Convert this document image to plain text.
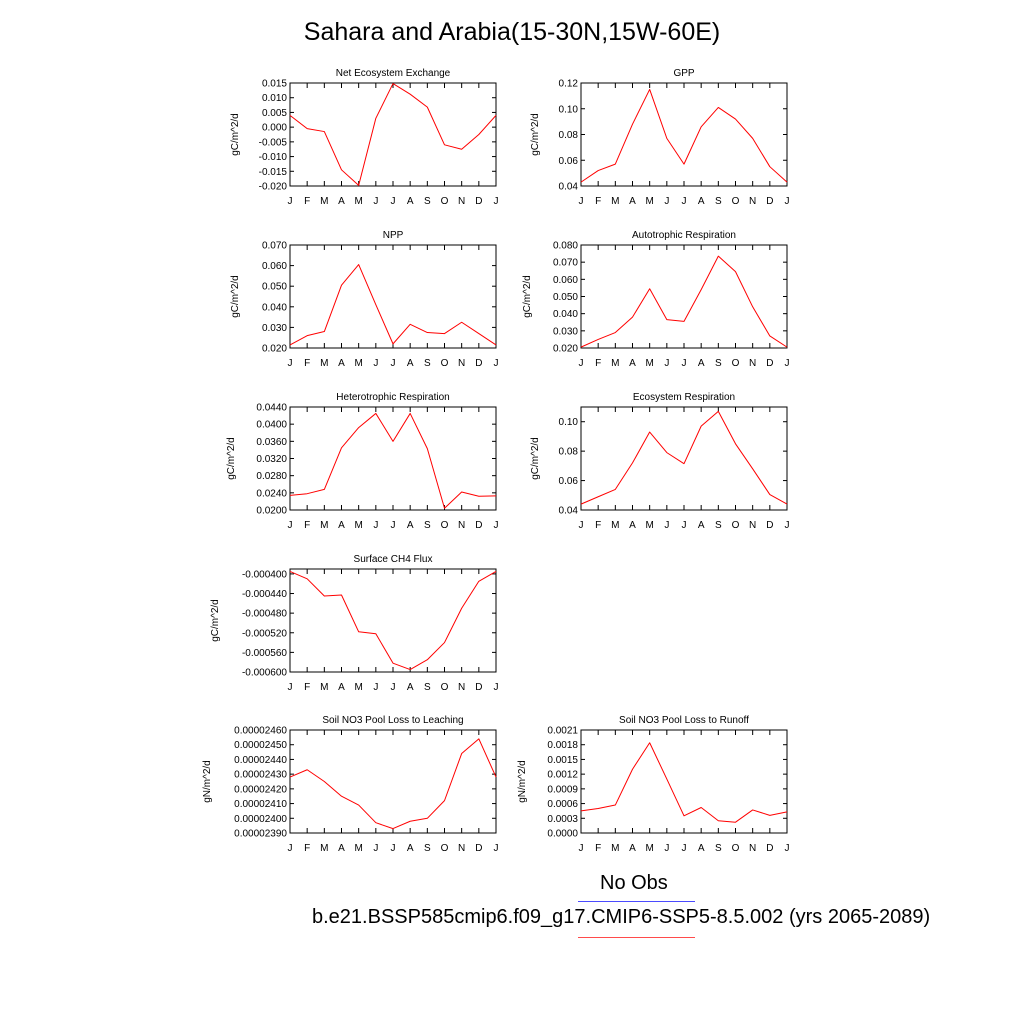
Sahara and Arabia(15-30N,15W-60E)
Net Ecosystem Exchange
-0.020
-0.015
-0.010
-0.005
0.000
0.005
0.010
0.015
J F M A M J J A S O N D J
gC/m^2/d
GPP
0.04
0.06
0.08
0.10
0.12
J F M A M J J A S O N D J
gC/m^2/d
NPP
0.020
0.030
0.040
0.050
0.060
0.070
J F M A M J J A S O N D J
gC/m^2/d
Autotrophic Respiration
0.020
0.030
0.040
0.050
0.060
0.070
0.080
J F M A M J J A S O N D J
gC/m^2/d
Heterotrophic Respiration
0.0200
0.0240
0.0280
0.0320
0.0360
0.0400
0.0440
J F M A M J J A S O N D J
gC/m^2/d
Ecosystem Respiration
0.04
0.06
0.08
0.10
J F M A M J J A S O N D J
gC/m^2/d
Surface CH4 Flux
-0.000600
-0.000560
-0.000520
-0.000480
-0.000440
-0.000400
J F M A M J J A S O N D J
gC/m^2/d
Soil NO3 Pool Loss to Leaching
0.00002390
0.00002400
0.00002410
0.00002420
0.00002430
0.00002440
0.00002450
0.00002460
J F M A M J J A S O N D J
gN/m^2/d
Soil NO3 Pool Loss to Runoff
0.0000
0.0003
0.0006
0.0009
0.0012
0.0015
0.0018
0.0021
J F M A M J J A S O N D J
gN/m^2/d
No Obs
b.e21.BSSP585cmip6.f09_g17.CMIP6-SSP5-8.5.002 (yrs 2065-2089)
